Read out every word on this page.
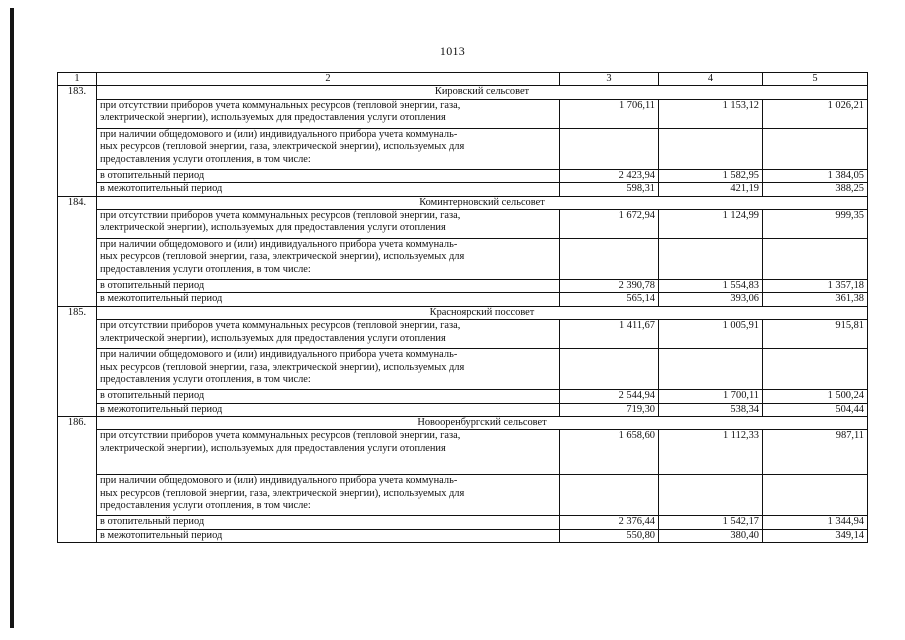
1013
1	2	3	4	5
183.	Кировский сельсовет			

	при отсутствии приборов учета коммунальных ресурсов (тепловой энергии, газа,
электрической энергии), используемых для предоставления услуги отопления	1 706,11	1 153,12	1 026,21

	при наличии общедомового и (или) индивидуального прибора учета коммуналь-
ных ресурсов (тепловой энергии, газа, электрической энергии), используемых для
предоставления услуги отопления, в том числе:			

	в отопительный период	2 423,94	1 582,95	1 384,05

	в межотопительный период	598,31	421,19	388,25
184.	Коминтерновский сельсовет			

	при отсутствии приборов учета коммунальных ресурсов (тепловой энергии, газа,
электрической энергии), используемых для предоставления услуги отопления	1 672,94	1 124,99	999,35

	при наличии общедомового и (или) индивидуального прибора учета коммуналь-
ных ресурсов (тепловой энергии, газа, электрической энергии), используемых для
предоставления услуги отопления, в том числе:			

	в отопительный период	2 390,78	1 554,83	1 357,18

	в межотопительный период	565,14	393,06	361,38
185.	Красноярский поссовет			

	при отсутствии приборов учета коммунальных ресурсов (тепловой энергии, газа,
электрической энергии), используемых для предоставления услуги отопления	1 411,67	1 005,91	915,81

	при наличии общедомового и (или) индивидуального прибора учета коммуналь-
ных ресурсов (тепловой энергии, газа, электрической энергии), используемых для
предоставления услуги отопления, в том числе:			

	в отопительный период	2 544,94	1 700,11	1 500,24

	в межотопительный период	719,30	538,34	504,44
186.	Новооренбургский сельсовет			

	при отсутствии приборов учета коммунальных ресурсов (тепловой энергии, газа,
электрической энергии), используемых для предоставления услуги отопления	1 658,60	1 112,33	987,11

	при наличии общедомового и (или) индивидуального прибора учета коммуналь-
ных ресурсов (тепловой энергии, газа, электрической энергии), используемых для
предоставления услуги отопления, в том числе:			

	в отопительный период	2 376,44	1 542,17	1 344,94

	в межотопительный период	550,80	380,40	349,14
